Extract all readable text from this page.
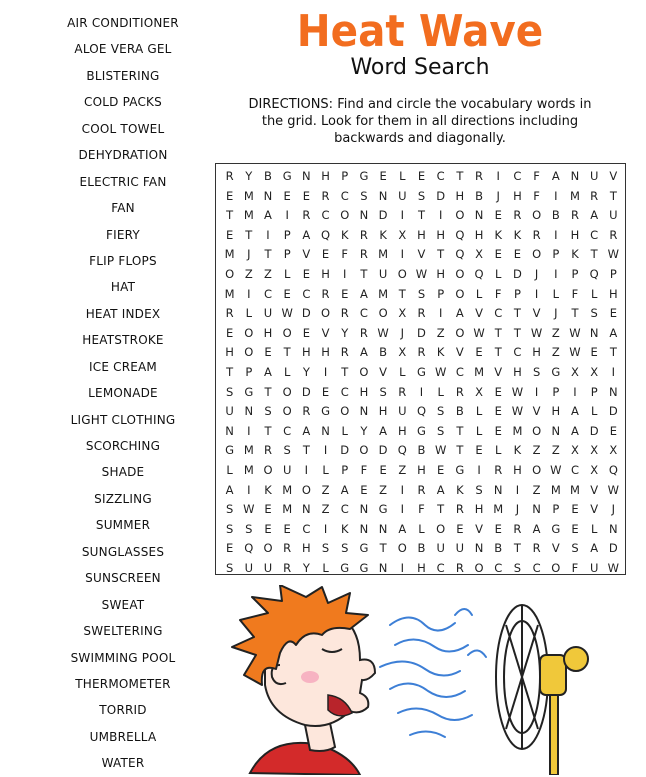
AIR CONDITIONER
ALOE VERA GEL
BLISTERING
COLD PACKS
COOL TOWEL
DEHYDRATION
ELECTRIC FAN
FAN
FIERY
FLIP FLOPS
HAT
HEAT INDEX
HEATSTROKE
ICE CREAM
LEMONADE
LIGHT CLOTHING
SCORCHING
SHADE
SIZZLING
SUMMER
SUNGLASSES
SUNSCREEN
SWEAT
SWELTERING
SWIMMING POOL
THERMOMETER
TORRID
UMBRELLA
WATER
Heat Wave
Word Search
DIRECTIONS: Find and circle the vocabulary words in the grid. Look for them in all directions including backwards and diagonally.
R	Y	B G N H P G E	L	E	C	T	R	I	C	F	A N U V
E M N E	E	R C	S N U S D H B	J	H	F	I	M R	T
T M A	I	R C O N D	I	T	I	O N E	R O B R A U
E	T	I	P	A Q K R K X H H Q H K	K R	I	H C R
M	J	T	P	V	E	F	R M	I	V	T Q X	E	E O P	K	T W
O Z Z	L	E H	I	T U O W H O Q L	D	J	I	P Q P
M	I	C	E	C R	E	A M T	S	P O L	F	P	I	L	F	L	H
R	L	U W D O R C O X R	I	A V C	T	V	J	T	S	E
E O H O E	V	Y	R W	J	D Z O W T	T W Z W N A
H O E	T H H R A B X R K V	E	T	C H Z W E	T
T	P	A	L	Y	I	T O V	L	G W C M V H S G X X	I
S G T O D E	C H S	R	I	L	R X	E W	I	P	I	P N
U N S O R G O N H U Q S	B	L	E W V H A	L	D
N	I	T	C A N	L	Y	A H G S	T	L	E M O N A D E
G M R	S	T	I	D O D Q B W T	E	L	K Z Z X X X
L M O U	I	L	P	F	E	Z H E G	I	R H O W C X Q
A	I	K M O Z A	E	Z	I	R A K	S N	I	Z M M V W
S W E M N Z C N G	I	F	T	R H M	J	N P	E	V	J
S	S	E	E	C	I	K N N A	L O E	V	E	R A G E	L	N
E Q O R H S	S G T O B U U N B	T	R V	S	A D
S U U R	Y	L	G G N	I	H C R O C	S	C O F	U W
